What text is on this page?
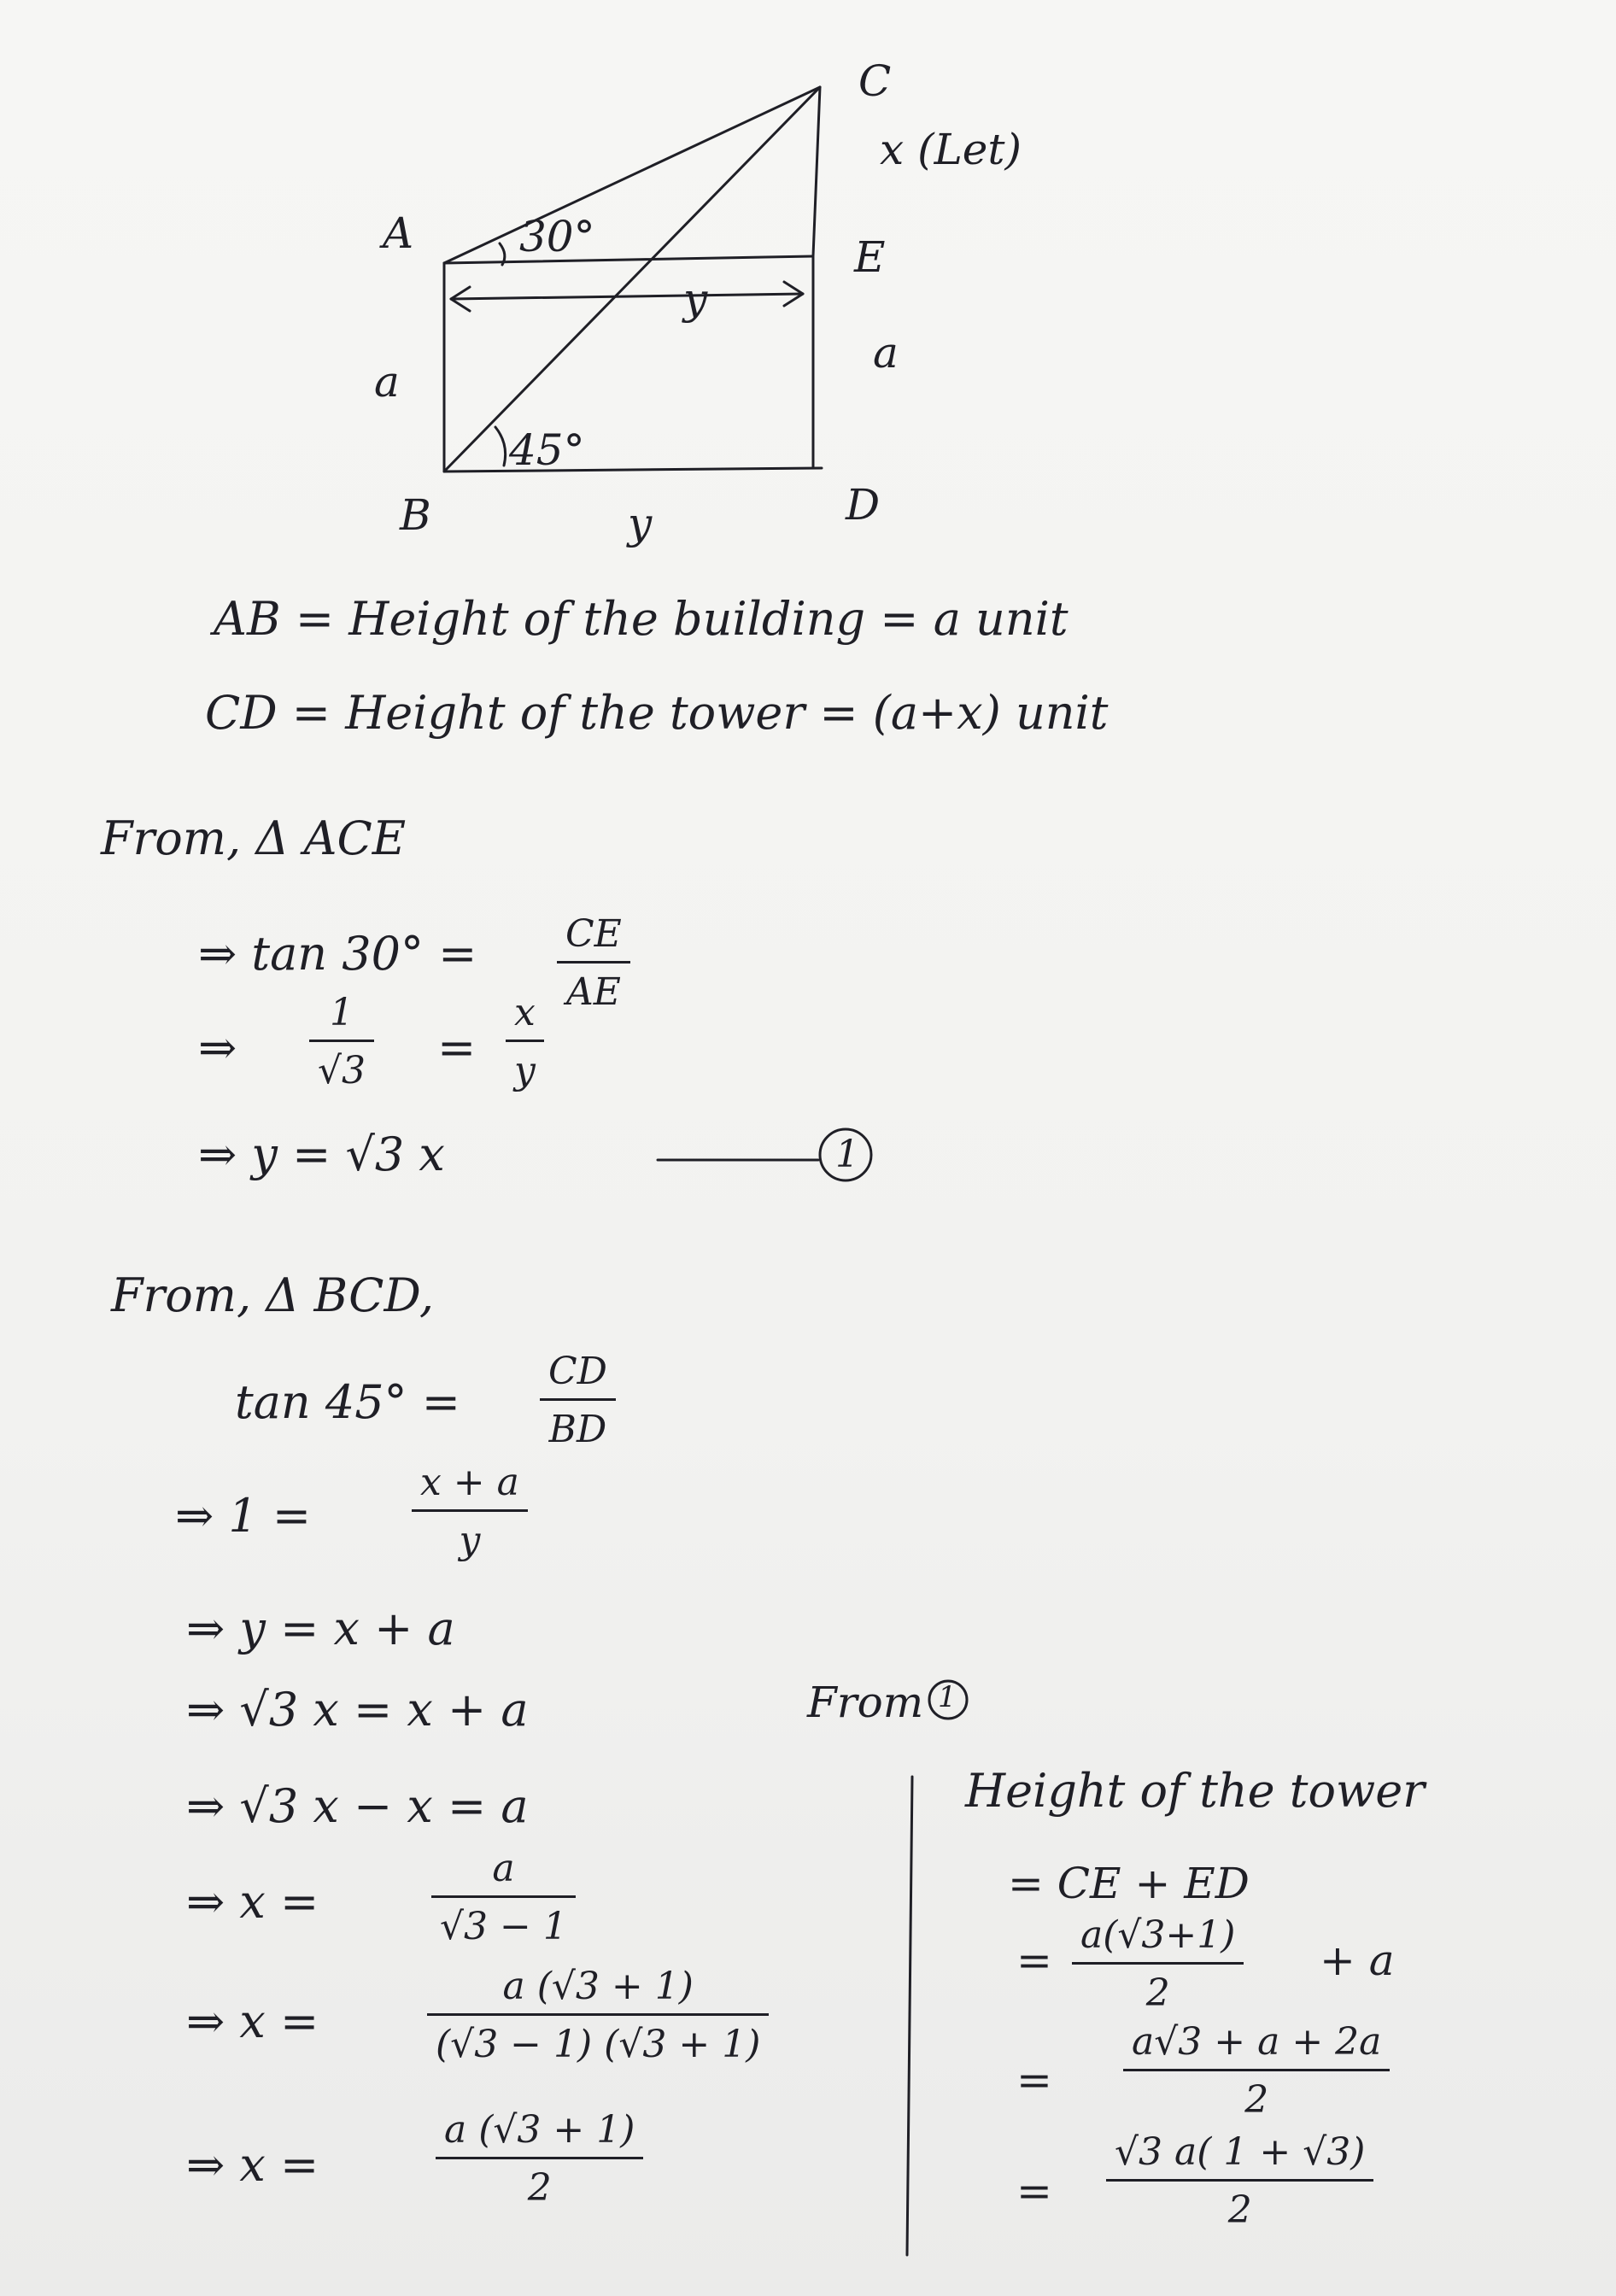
C
x (Let)
A 30°	E
y
a
a
45°
B	y	D
AB = Height of the building = a unit
CD = Height of the tower = (a+x) unit
From, Δ ACE
⇒ $\tan 30^\circ = \frac{CE}{AE}$
⇒ $\frac{1}{√3} = \frac{x}{y}$
⇒ y = √3 x	1
From, Δ BCD,
$\tan 45^\circ = \frac{CD}{BD}$
⇒ 1 =	$\frac{x + a}{y}$
⇒ y = x + a
⇒ √3 x = x + a	From 1
⇒ √3 x − x = a
⇒ x =	$\frac{a}{√3 - 1}$
⇒ x =	$\frac{a (√3 + 1)}{(√3 - 1) (√3 + 1)}$
⇒ x =	$\frac{a (√3 + 1)}{2}$
Height of the tower
= CE + ED
= $\frac{a(√3+1)}{2} + a$
= $\frac{a√3 + a + 2a}{2}$
= $\frac{√3 a( 1 + √3)}{2}$
